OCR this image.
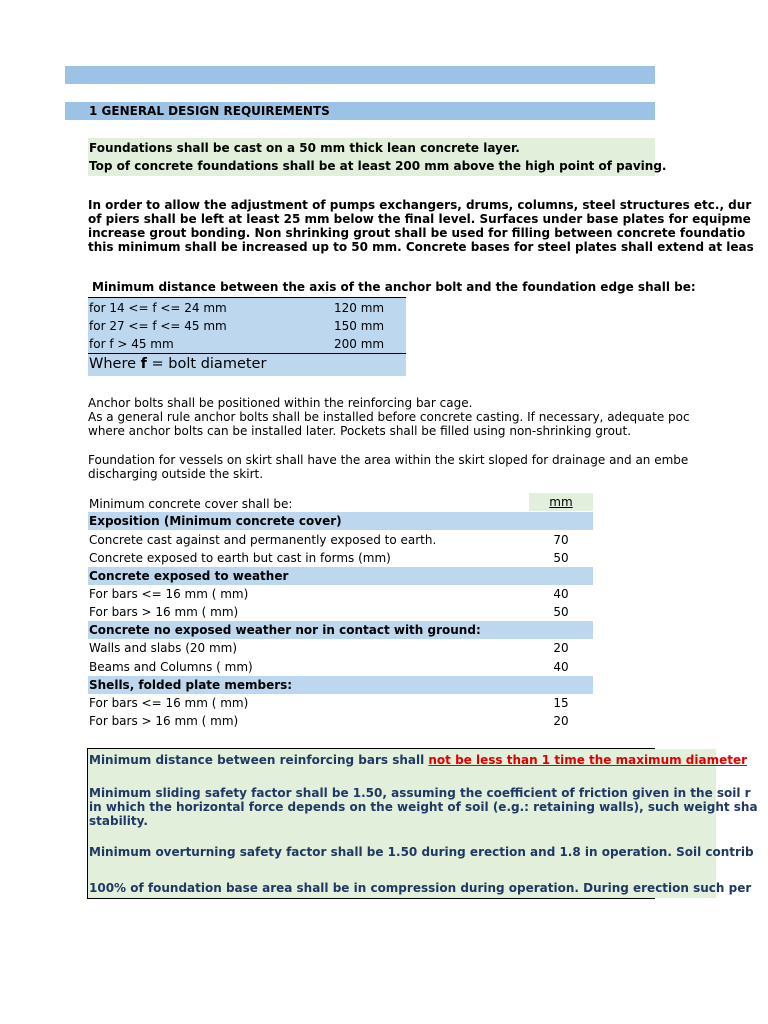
1 GENERAL DESIGN REQUIREMENTS
Foundations shall be cast on a 50 mm thick lean concrete layer.
Top of concrete foundations shall be at least 200 mm above the high point of paving.
In order to allow the adjustment of pumps exchangers, drums, columns, steel structures etc., dur
of piers shall be left at least 25 mm below the final level. Surfaces under base plates for equipme
increase grout bonding. Non shrinking grout shall be used for filling between concrete foundatio
this minimum shall be increased up to 50 mm. Concrete bases for steel plates shall extend at leas
Minimum distance between the axis of the anchor bolt and the foundation edge shall be:
for 14 <= f <= 24 mm	120 mm
for 27 <= f <= 45 mm	150 mm
for f > 45 mm	200 mm
Where f = bolt diameter
Anchor bolts shall be positioned within the reinforcing bar cage.
As a general rule anchor bolts shall be installed before concrete casting. If necessary, adequate poc
where anchor bolts can be installed later. Pockets shall be filled using non-shrinking grout.
Foundation for vessels on skirt shall have the area within the skirt sloped for drainage and an embe
discharging outside the skirt.
Minimum concrete cover shall be:	mm
Exposition (Minimum concrete cover)
Concrete cast against and permanently exposed to earth.	70
Concrete exposed to earth but cast in forms (mm)	50
Concrete exposed to weather
For bars <= 16 mm ( mm)	40
For bars > 16 mm ( mm)	50
Concrete no exposed weather nor in contact with ground:
Walls and slabs (20 mm)	20
Beams and Columns ( mm)	40
Shells, folded plate members:
For bars <= 16 mm ( mm)	15
For bars > 16 mm ( mm)	20
Minimum distance between reinforcing bars shall not be less than 1 time the maximum diameter
Minimum sliding safety factor shall be 1.50, assuming the coefficient of friction given in the soil r
in which the horizontal force depends on the weight of soil (e.g.: retaining walls), such weight sha
stability.
Minimum overturning safety factor shall be 1.50 during erection and 1.8 in operation. Soil contrib
100% of foundation base area shall be in compression during operation. During erection such per
